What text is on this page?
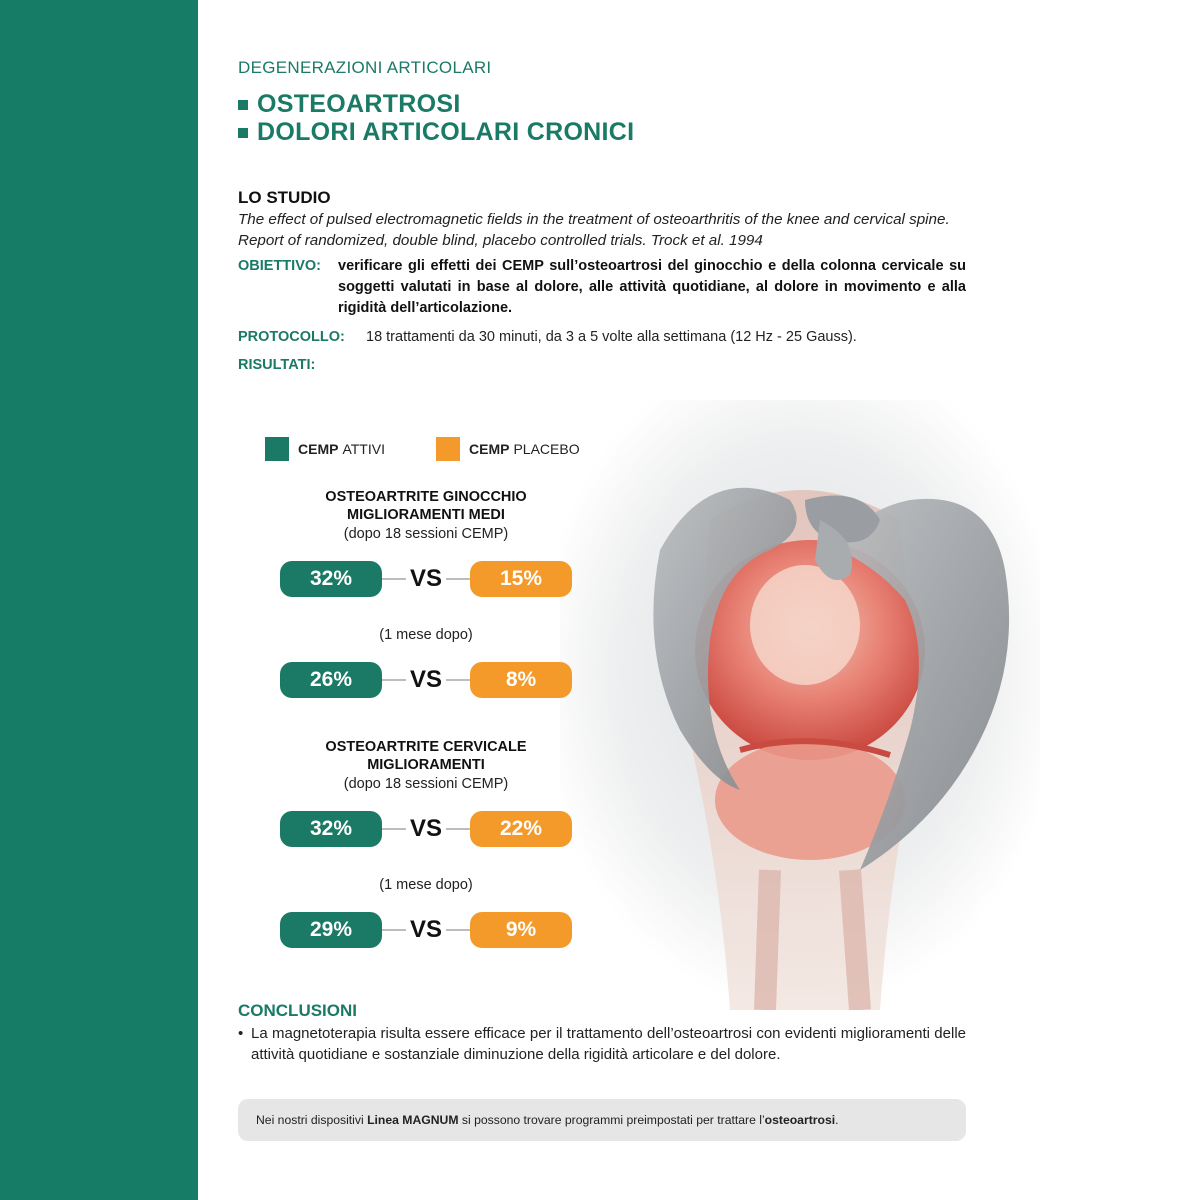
DEGENERAZIONI ARTICOLARI
OSTEOARTROSI
DOLORI ARTICOLARI CRONICI
LO STUDIO
The effect of pulsed electromagnetic fields in the treatment of osteoarthritis of the knee and cervical spine. Report of randomized, double blind, placebo controlled trials. Trock et al. 1994
OBIETTIVO: verificare gli effetti dei CEMP sull’osteoartrosi del ginocchio e della colonna cervicale su soggetti valutati in base al dolore, alle attività quotidiane, al dolore in movimento e alla rigidità dell’articolazione.
PROTOCOLLO: 18 trattamenti da 30 minuti, da 3 a 5 volte alla settimana (12 Hz - 25 Gauss).
RISULTATI:
CEMP ATTIVI	CEMP PLACEBO
OSTEOARTRITE GINOCCHIO
MIGLIORAMENTI MEDI
(dopo 18 sessioni CEMP)
32%	VS	15%
(1 mese dopo)
26%	VS	8%
OSTEOARTRITE CERVICALE
MIGLIORAMENTI
(dopo 18 sessioni CEMP)
32%	VS	22%
(1 mese dopo)
29%	VS	9%
CONCLUSIONI
• La magnetoterapia risulta essere efficace per il trattamento dell’osteoartrosi con evidenti miglioramenti delle attività quotidiane e sostanziale diminuzione della rigidità articolare e del dolore.

Nei nostri dispositivi Linea MAGNUM si possono trovare programmi preimpostati per trattare l’osteoartrosi.
